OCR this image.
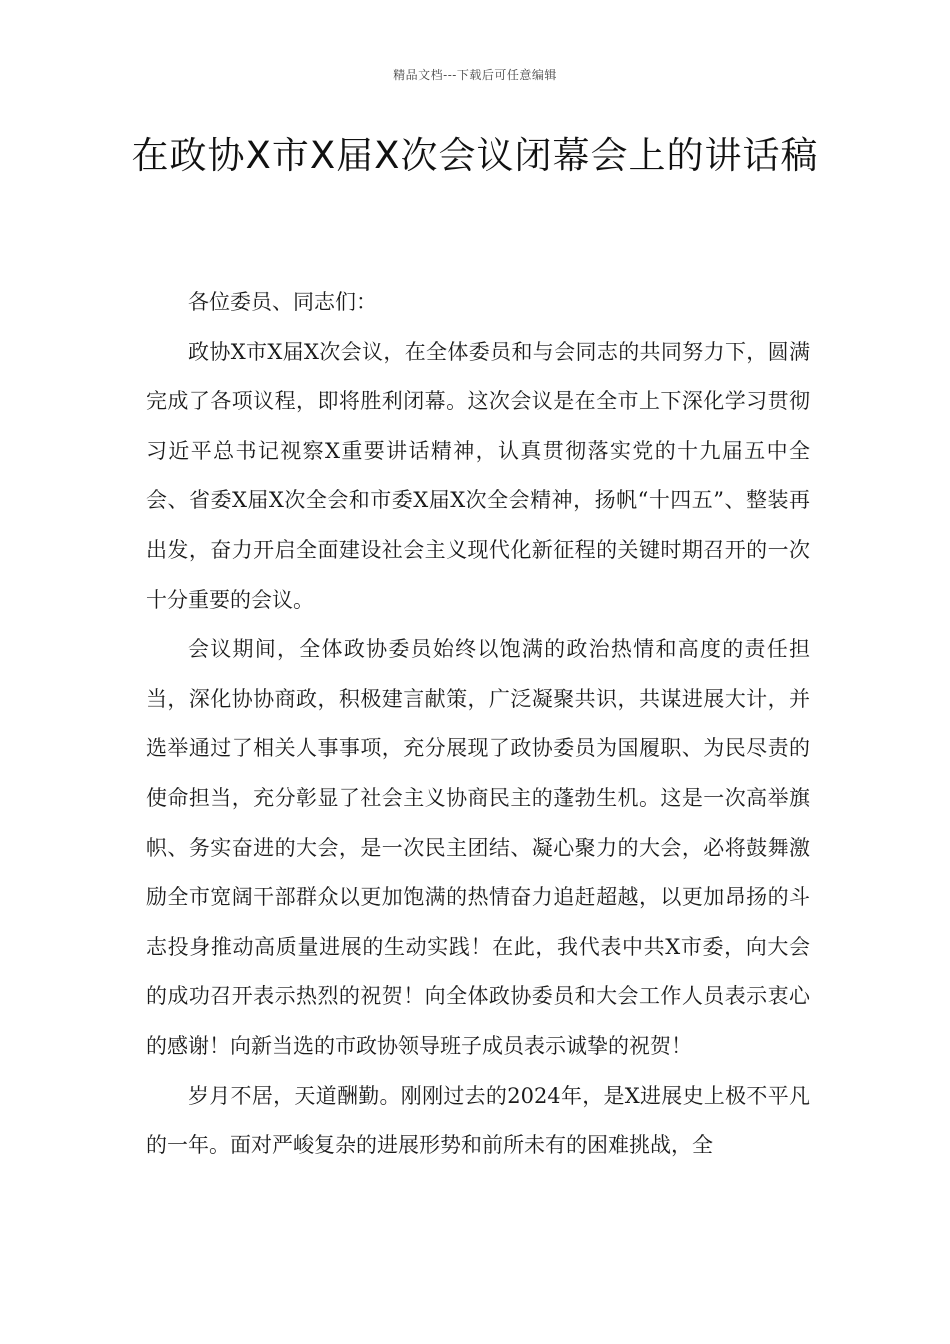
精品文档---下载后可任意编辑
在政协X市X届X次会议闭幕会上的讲话稿

各位委员、同志们：

政协X市X届X次会议，在全体委员和与会同志的共同努力下，圆满完成了各项议程，即将胜利闭幕。这次会议是在全市上下深化学习贯彻习近平总书记视察X重要讲话精神，认真贯彻落实党的十九届五中全会、省委X届X次全会和市委X届X次全会精神，扬帆“十四五”、整装再出发，奋力开启全面建设社会主义现代化新征程的关键时期召开的一次十分重要的会议。

会议期间，全体政协委员始终以饱满的政治热情和高度的责任担当，深化协协商政，积极建言献策，广泛凝聚共识，共谋进展大计，并选举通过了相关人事事项，充分展现了政协委员为国履职、为民尽责的使命担当，充分彰显了社会主义协商民主的蓬勃生机。这是一次高举旗帜、务实奋进的大会，是一次民主团结、凝心聚力的大会，必将鼓舞激励全市宽阔干部群众以更加饱满的热情奋力追赶超越，以更加昂扬的斗志投身推动高质量进展的生动实践！在此，我代表中共X市委，向大会的成功召开表示热烈的祝贺！向全体政协委员和大会工作人员表示衷心的感谢！向新当选的市政协领导班子成员表示诚挚的祝贺！

岁月不居，天道酬勤。刚刚过去的2024年，是X进展史上极不平凡的一年。面对严峻复杂的进展形势和前所未有的困难挑战，全
